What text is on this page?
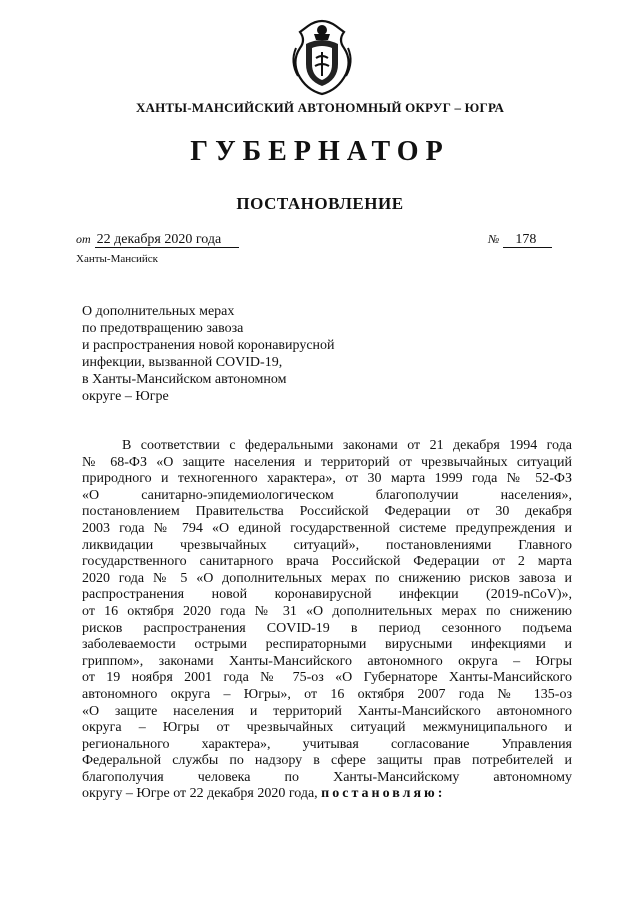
ХАНТЫ-МАНСИЙСКИЙ АВТОНОМНЫЙ ОКРУГ – ЮГРА
ГУБЕРНАТОР
ПОСТАНОВЛЕНИЕ
от 22 декабря 2020 года	№ 178
Ханты-Мансийск
О дополнительных мерах
по предотвращению завоза
и распространения новой коронавирусной
инфекции, вызванной COVID-19,
в Ханты-Мансийском автономном
округе – Югре
В соответствии с федеральными законами от 21 декабря 1994 года
№ 68-ФЗ «О защите населения и территорий от чрезвычайных ситуаций
природного и техногенного характера», от 30 марта 1999 года № 52-ФЗ
«О санитарно-эпидемиологическом благополучии населения»,
постановлением Правительства Российской Федерации от 30 декабря
2003 года № 794 «О единой государственной системе предупреждения и
ликвидации чрезвычайных ситуаций», постановлениями Главного
государственного санитарного врача Российской Федерации от 2 марта
2020 года № 5 «О дополнительных мерах по снижению рисков завоза и
распространения новой коронавирусной инфекции (2019-nCoV)»,
от 16 октября 2020 года № 31 «О дополнительных мерах по снижению
рисков распространения COVID-19 в период сезонного подъема
заболеваемости острыми респираторными вирусными инфекциями и
гриппом», законами Ханты-Мансийского автономного округа – Югры
от 19 ноября 2001 года № 75-оз «О Губернаторе Ханты-Мансийского
автономного округа – Югры», от 16 октября 2007 года № 135-оз
«О защите населения и территорий Ханты-Мансийского автономного
округа – Югры от чрезвычайных ситуаций межмуниципального и
регионального характера», учитывая согласование Управления
Федеральной службы по надзору в сфере защиты прав потребителей и
благополучия человека по Ханты-Мансийскому автономному
округу – Югре от 22 декабря 2020 года, постановляю:
